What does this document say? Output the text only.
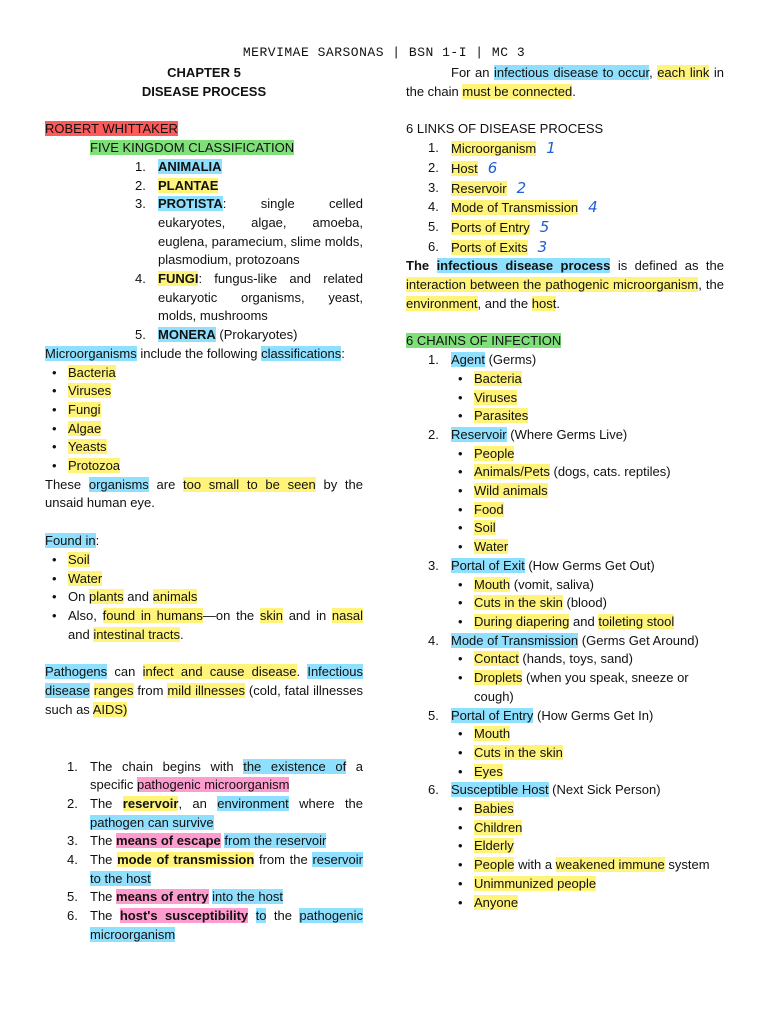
MERVIMAE SARSONAS | BSN 1-I | MC 3

CHAPTER 5

DISEASE PROCESS

ROBERT WHITTAKER

FIVE KINGDOM CLASSIFICATION

1. ANIMALIA
2. PLANTAE
3. PROTISTA: single celled eukaryotes, algae, amoeba, euglena, paramecium, slime molds, plasmodium, protozoans
4. FUNGI: fungus-like and related eukaryotic organisms, yeast, molds, mushrooms
5. MONERA (Prokaryotes)

Microorganisms include the following classifications:

• Bacteria
• Viruses
• Fungi
• Algae
• Yeasts
• Protozoa

These organisms are too small to be seen by the unsaid human eye.

Found in:

• Soil
• Water
• On plants and animals
• Also, found in humans—on the skin and in nasal and intestinal tracts.

Pathogens can infect and cause disease. Infectious disease ranges from mild illnesses (cold, fatal illnesses such as AIDS)

1. The chain begins with the existence of a specific pathogenic microorganism
2. The reservoir, an environment where the pathogen can survive
3. The means of escape from the reservoir
4. The mode of transmission from the reservoir to the host
5. The means of entry into the host
6. The host's susceptibility to the pathogenic microorganism

For an infectious disease to occur, each link in the chain must be connected.

6 LINKS OF DISEASE PROCESS

1. Microorganism 1
2. Host 6
3. Reservoir 2
4. Mode of Transmission 4
5. Ports of Entry 5
6. Ports of Exits 3

The infectious disease process is defined as the interaction between the pathogenic microorganism, the environment, and the host.

6 CHAINS OF INFECTION

1. Agent (Germs)
• Bacteria
• Viruses
• Parasites
2. Reservoir (Where Germs Live)
• People
• Animals/Pets (dogs, cats. reptiles)
• Wild animals
• Food
• Soil
• Water
3. Portal of Exit (How Germs Get Out)
• Mouth (vomit, saliva)
• Cuts in the skin (blood)
• During diapering and toileting stool
4. Mode of Transmission (Germs Get Around)
• Contact (hands, toys, sand)
• Droplets (when you speak, sneeze or cough)
5. Portal of Entry (How Germs Get In)
• Mouth
• Cuts in the skin
• Eyes
6. Susceptible Host (Next Sick Person)
• Babies
• Children
• Elderly
• People with a weakened immune system
• Unimmunized people
• Anyone
